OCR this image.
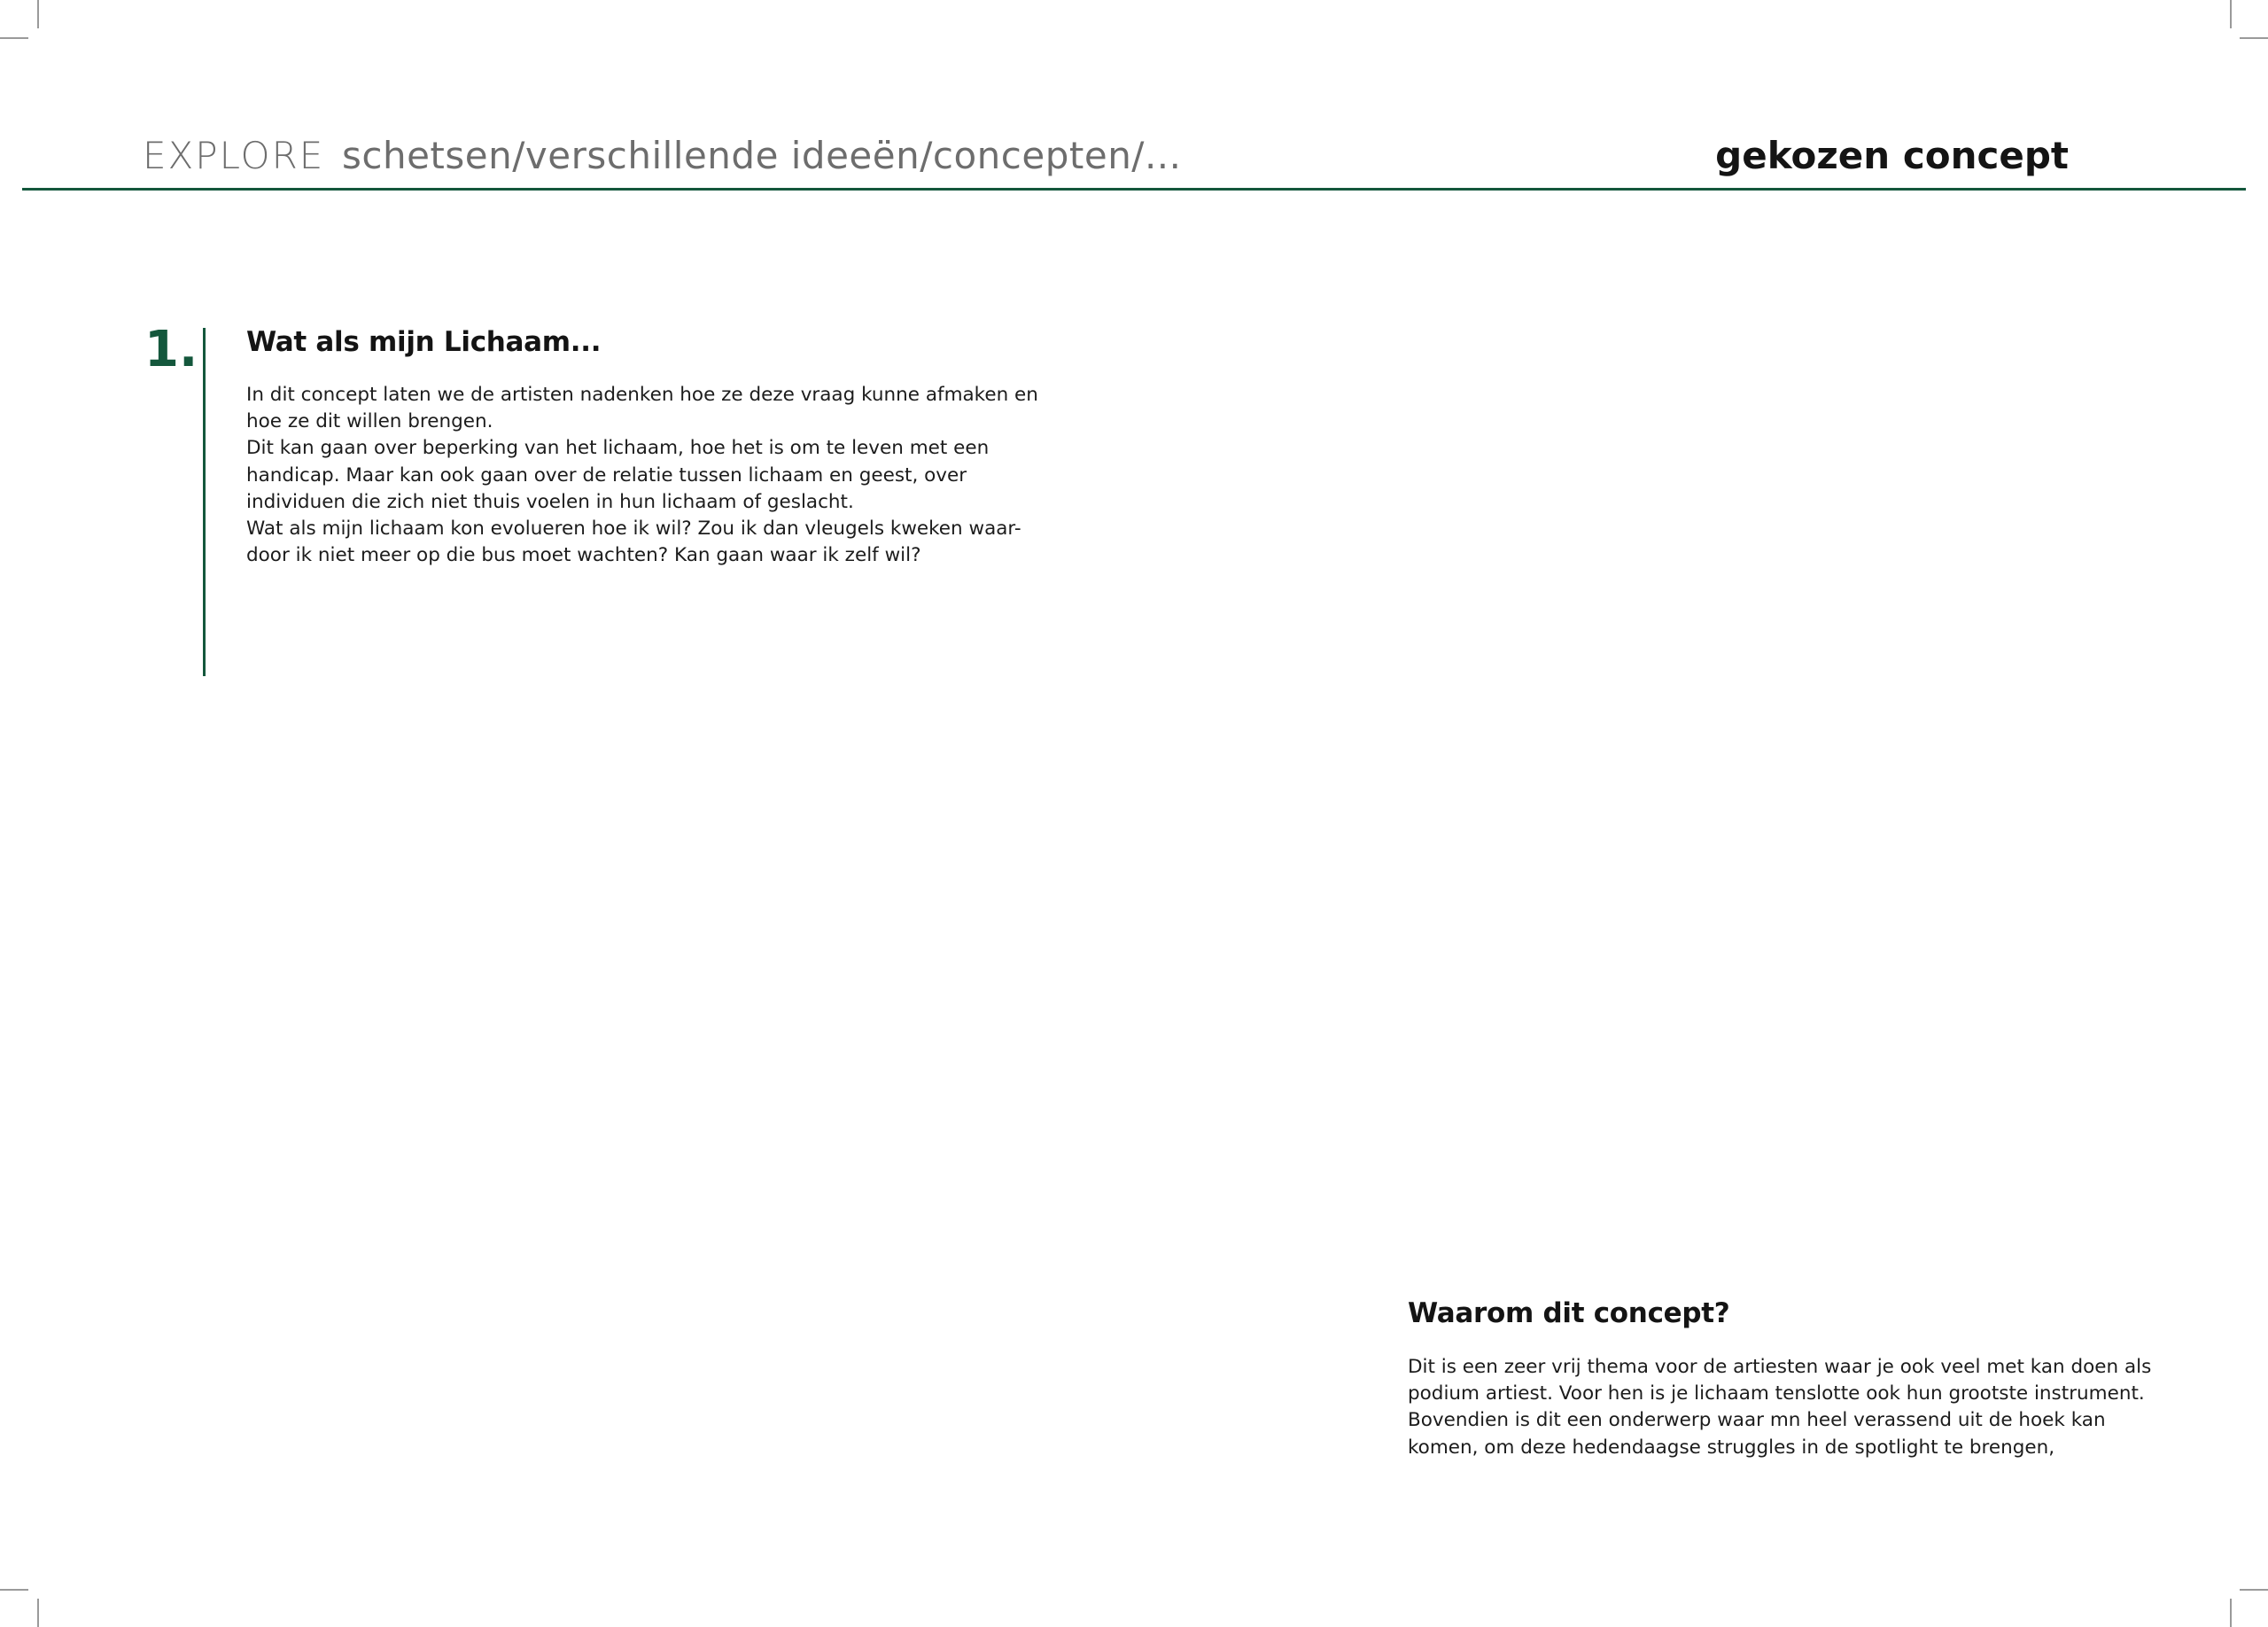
EXPLORE schetsen/verschillende ideeën/concepten/...	gekozen concept
1. Wat als mijn Lichaam...
In dit concept laten we de artisten nadenken hoe ze deze vraag kunne afmaken en
hoe ze dit willen brengen.
Dit kan gaan over beperking van het lichaam, hoe het is om te leven met een
handicap. Maar kan ook gaan over de relatie tussen lichaam en geest, over
individuen die zich niet thuis voelen in hun lichaam of geslacht.
Wat als mijn lichaam kon evolueren hoe ik wil? Zou ik dan vleugels kweken waar-
door ik niet meer op die bus moet wachten? Kan gaan waar ik zelf wil?
Waarom dit concept?
Dit is een zeer vrij thema voor de artiesten waar je ook veel met kan doen als
podium artiest. Voor hen is je lichaam tenslotte ook hun grootste instrument.
Bovendien is dit een onderwerp waar mn heel verassend uit de hoek kan
komen, om deze hedendaagse struggles in de spotlight te brengen,
